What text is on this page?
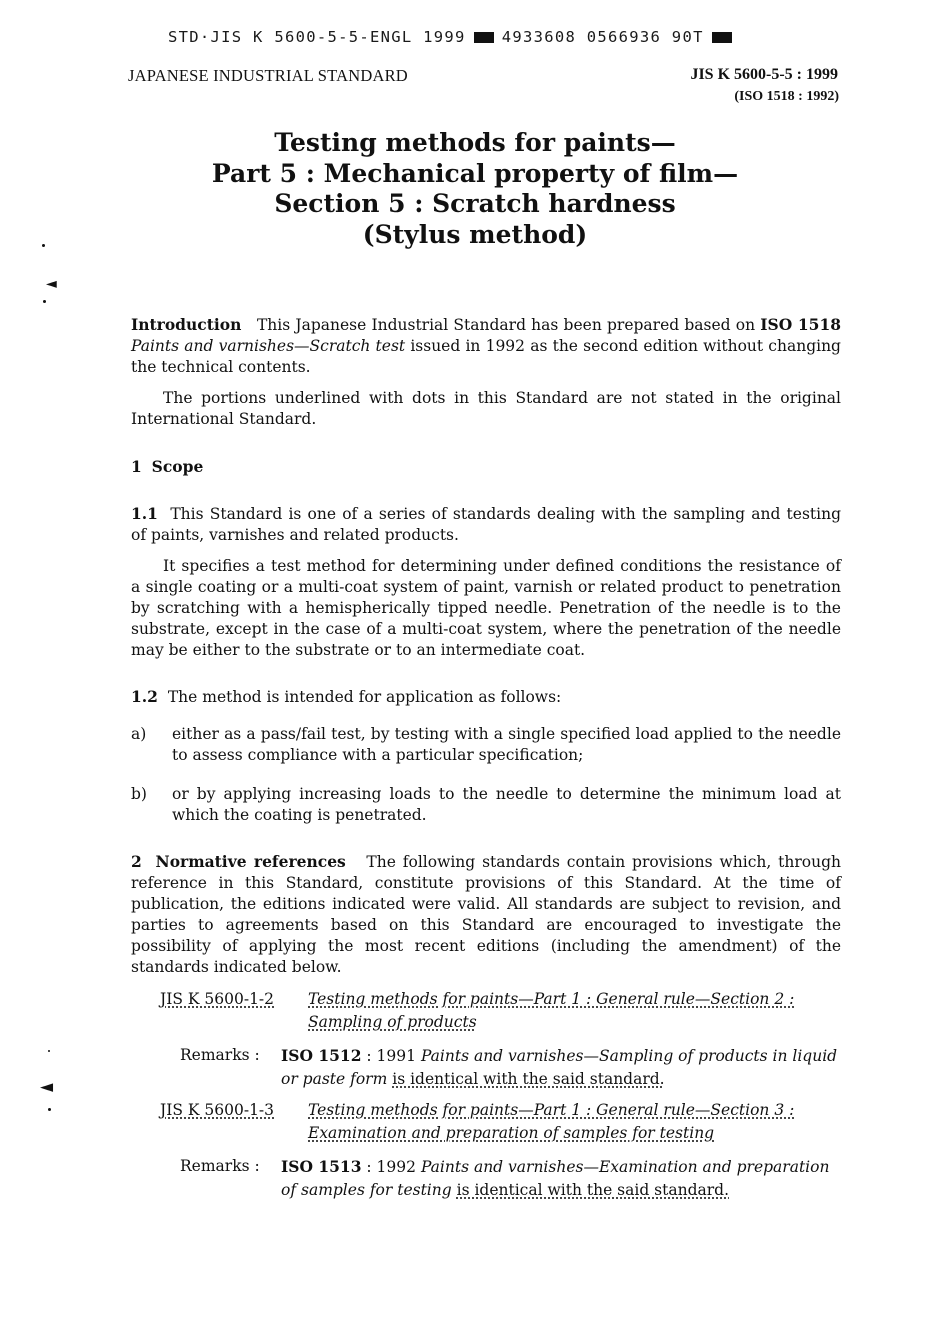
STD·JIS K 5600-5-5-ENGL 1999 4933608 0566936 90T
JAPANESE INDUSTRIAL STANDARD	JIS K 5600-5-5 : 1999
(ISO 1518 : 1992)
Testing methods for paints—
Part 5 : Mechanical property of film—
Section 5 : Scratch hardness
(Stylus method)
◄
◄

Introduction This Japanese Industrial Standard has been prepared based on ISO 1518 Paints and varnishes—Scratch test issued in 1992 as the second edition without changing the technical contents.

The portions underlined with dots in this Standard are not stated in the original International Standard.

1 Scope

1.1 This Standard is one of a series of standards dealing with the sampling and testing of paints, varnishes and related products.

It specifies a test method for determining under defined conditions the resistance of a single coating or a multi-coat system of paint, varnish or related product to penetration by scratching with a hemispherically tipped needle. Penetration of the needle is to the substrate, except in the case of a multi-coat system, where the penetration of the needle may be either to the substrate or to an intermediate coat.

1.2 The method is intended for application as follows:

a) either as a pass/fail test, by testing with a single specified load applied to the needle to assess compliance with a particular specification;
b) or by applying increasing loads to the needle to determine the minimum load at which the coating is penetrated.

2 Normative references The following standards contain provisions which, through reference in this Standard, constitute provisions of this Standard. At the time of publication, the editions indicated were valid. All standards are subject to revision, and parties to agreements based on this Standard are encouraged to investigate the possibility of applying the most recent editions (including the amendment) of the standards indicated below.

JIS K 5600-1-2 Testing methods for paints—Part 1 : General rule—Section 2 : Sampling of products
Remarks : ISO 1512 : 1991 Paints and varnishes—Sampling of products in liquid or paste form is identical with the said standard.
JIS K 5600-1-3 Testing methods for paints—Part 1 : General rule—Section 3 : Examination and preparation of samples for testing
Remarks : ISO 1513 : 1992 Paints and varnishes—Examination and preparation of samples for testing is identical with the said standard.
